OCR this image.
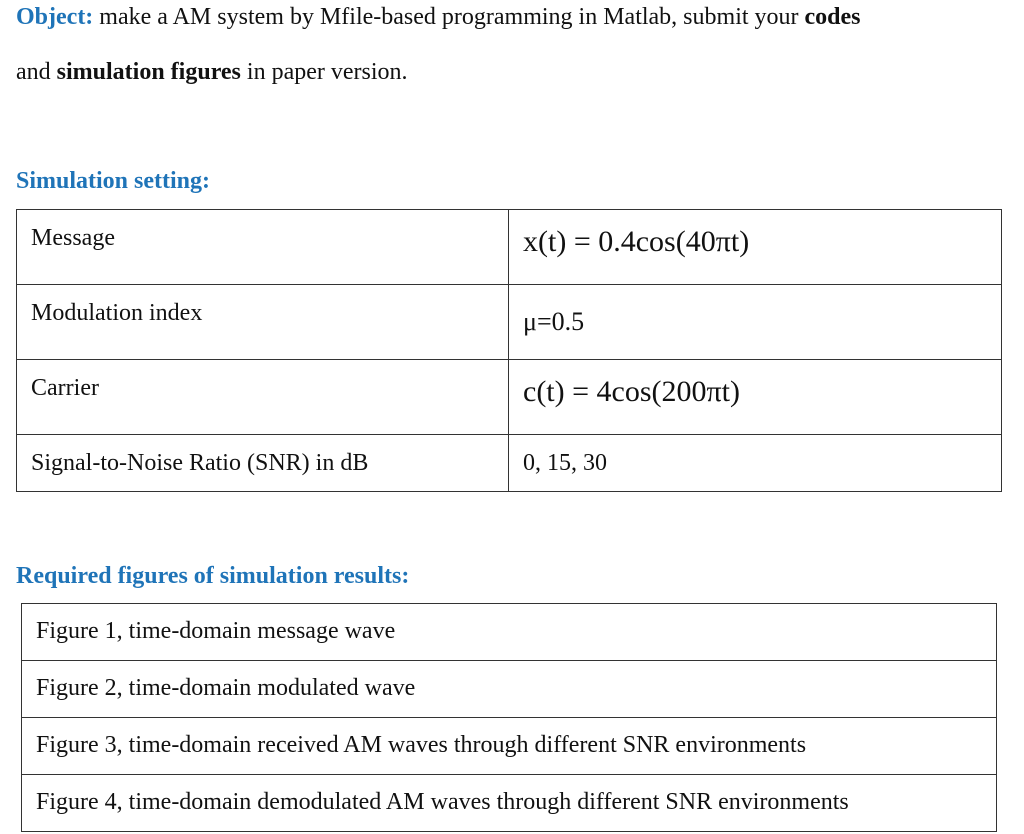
Object: make a AM system by Mfile-based programming in Matlab, submit your codes
and simulation figures in paper version.
Simulation setting:
Message	x(t) = 0.4cos(40πt)

Modulation index	μ=0.5

Carrier	c(t) = 4cos(200πt)

Signal-to-Noise Ratio (SNR) in dB	0, 15, 30
Required figures of simulation results:
Figure 1, time-domain message wave
Figure 2, time-domain modulated wave
Figure 3, time-domain received AM waves through different SNR environments
Figure 4, time-domain demodulated AM waves through different SNR environments
